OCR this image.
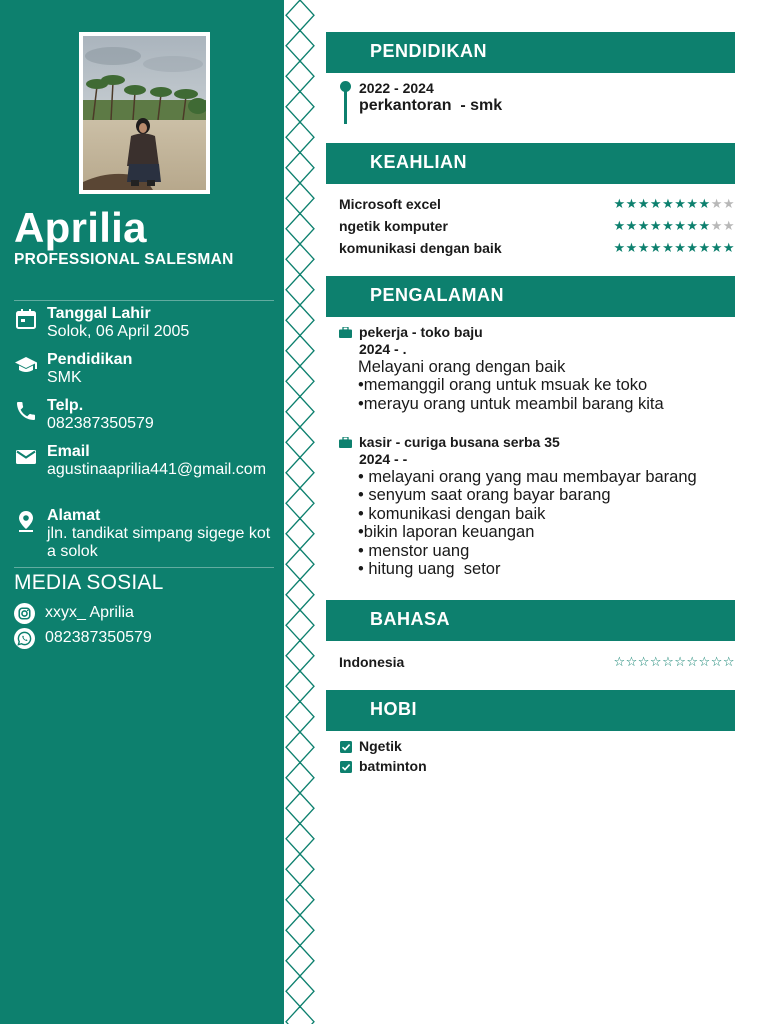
Aprilia
PROFESSIONAL SALESMAN
Tanggal Lahir
Solok, 06 April 2005
Pendidikan
SMK
Telp.
082387350579
Email
agustinaaprilia441@gmail.com
Alamat
jln. tandikat simpang sigege kota solok
MEDIA SOSIAL
xxyx_ Aprilia
082387350579
PENDIDIKAN
2022 - 2024
perkantoran  - smk
KEAHLIAN
Microsoft excel	★★★★★★★★★★
ngetik komputer	★★★★★★★★★★
komunikasi dengan baik	★★★★★★★★★★
PENGALAMAN
pekerja - toko baju
2024 - .
Melayani orang dengan baik
•memanggil orang untuk msuak ke toko
•merayu orang untuk meambil barang kita
kasir - curiga busana serba 35
2024 - -
• melayani orang yang mau membayar barang
• senyum saat orang bayar barang
• komunikasi dengan baik
•bikin laporan keuangan
• menstor uang
• hitung uang  setor
BAHASA
Indonesia	☆☆☆☆☆☆☆☆☆☆
HOBI
Ngetik
batminton
